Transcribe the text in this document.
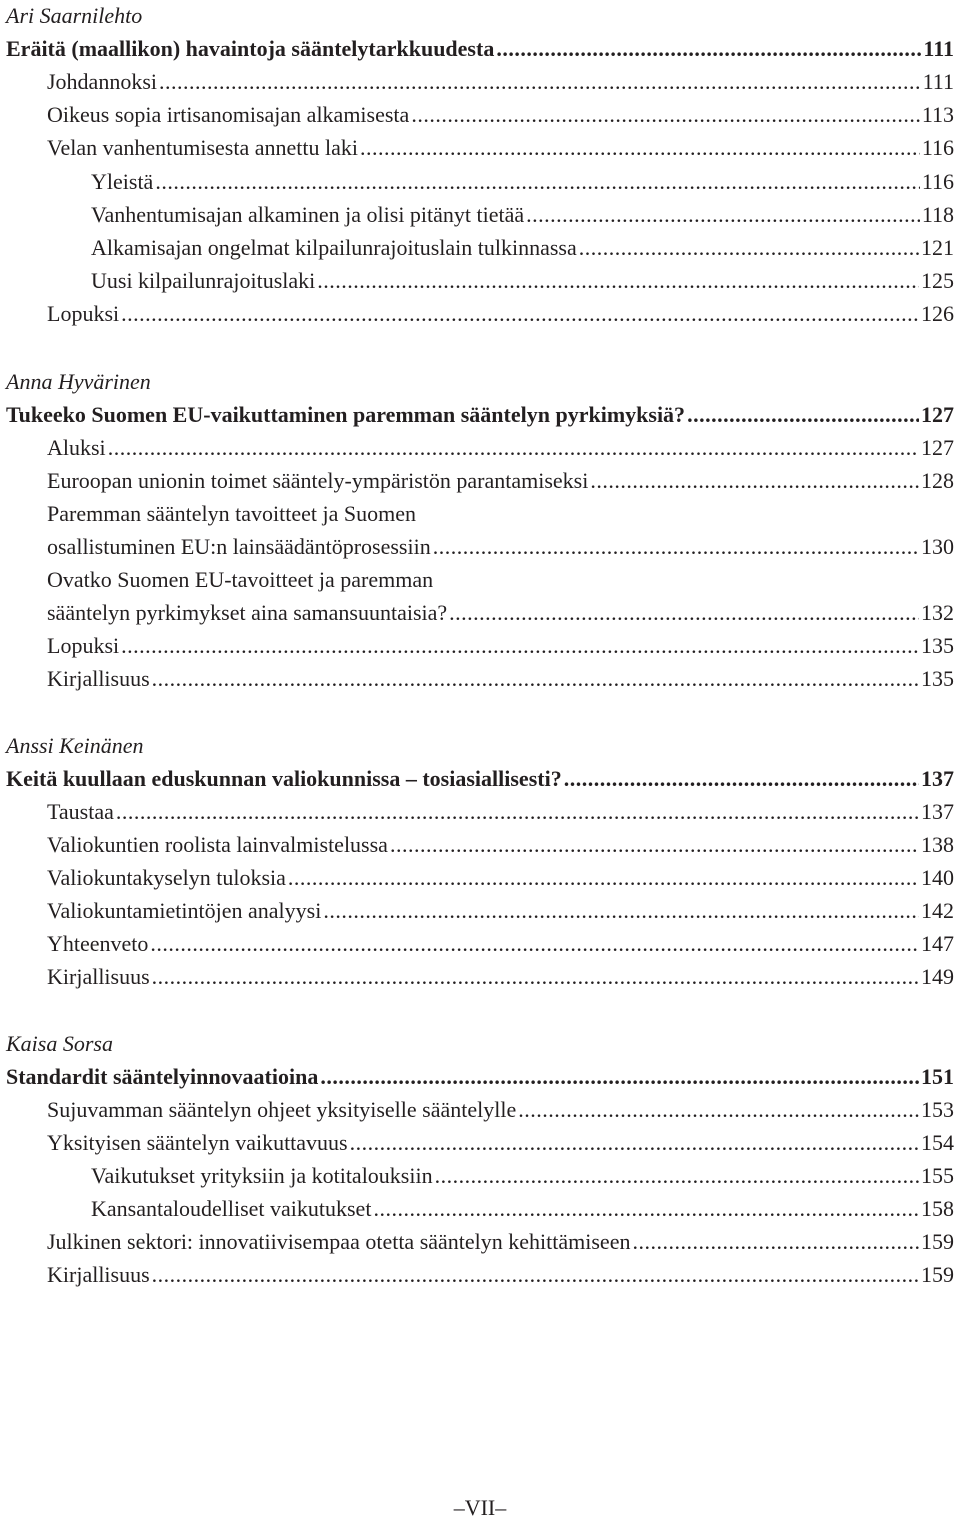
Ari Saarnilehto
Eräitä (maallikon) havaintoja sääntelytarkkuudesta .....	111
Johdannoksi .....	111
Oikeus sopia irtisanomisajan alkamisesta .....	113
Velan vanhentumisesta annettu laki .....	116
Yleistä .....	116
Vanhentumisajan alkaminen ja olisi pitänyt tietää .....	118
Alkamisajan ongelmat kilpailunrajoituslain tulkinnassa .....	121
Uusi kilpailunrajoituslaki .....	125
Lopuksi .....	126
Anna Hyvärinen
Tukeeko Suomen EU-vaikuttaminen paremman sääntelyn pyrkimyksiä? .....	127
Aluksi .....	127
Euroopan unionin toimet sääntely-ympäristön parantamiseksi .....	128
Paremman sääntelyn tavoitteet ja Suomen
osallistuminen EU:n lainsäädäntöprosessiin .....	130
Ovatko Suomen EU-tavoitteet ja paremman
sääntelyn pyrkimykset aina samansuuntaisia? .....	132
Lopuksi .....	135
Kirjallisuus .....	135
Anssi Keinänen
Keitä kuullaan eduskunnan valiokunnissa – tosiasiallisesti? .....	137
Taustaa .....	137
Valiokuntien roolista lainvalmistelussa .....	138
Valiokuntakyselyn tuloksia .....	140
Valiokuntamietintöjen analyysi .....	142
Yhteenveto .....	147
Kirjallisuus .....	149
Kaisa Sorsa
Standardit sääntelyinnovaatioina .....	151
Sujuvamman sääntelyn ohjeet yksityiselle sääntelylle .....	153
Yksityisen sääntelyn vaikuttavuus .....	154
Vaikutukset yrityksiin ja kotitalouksiin .....	155
Kansantaloudelliset vaikutukset .....	158
Julkinen sektori: innovatiivisempaa otetta sääntelyn kehittämiseen .....	159
Kirjallisuus .....	159
–VII–
